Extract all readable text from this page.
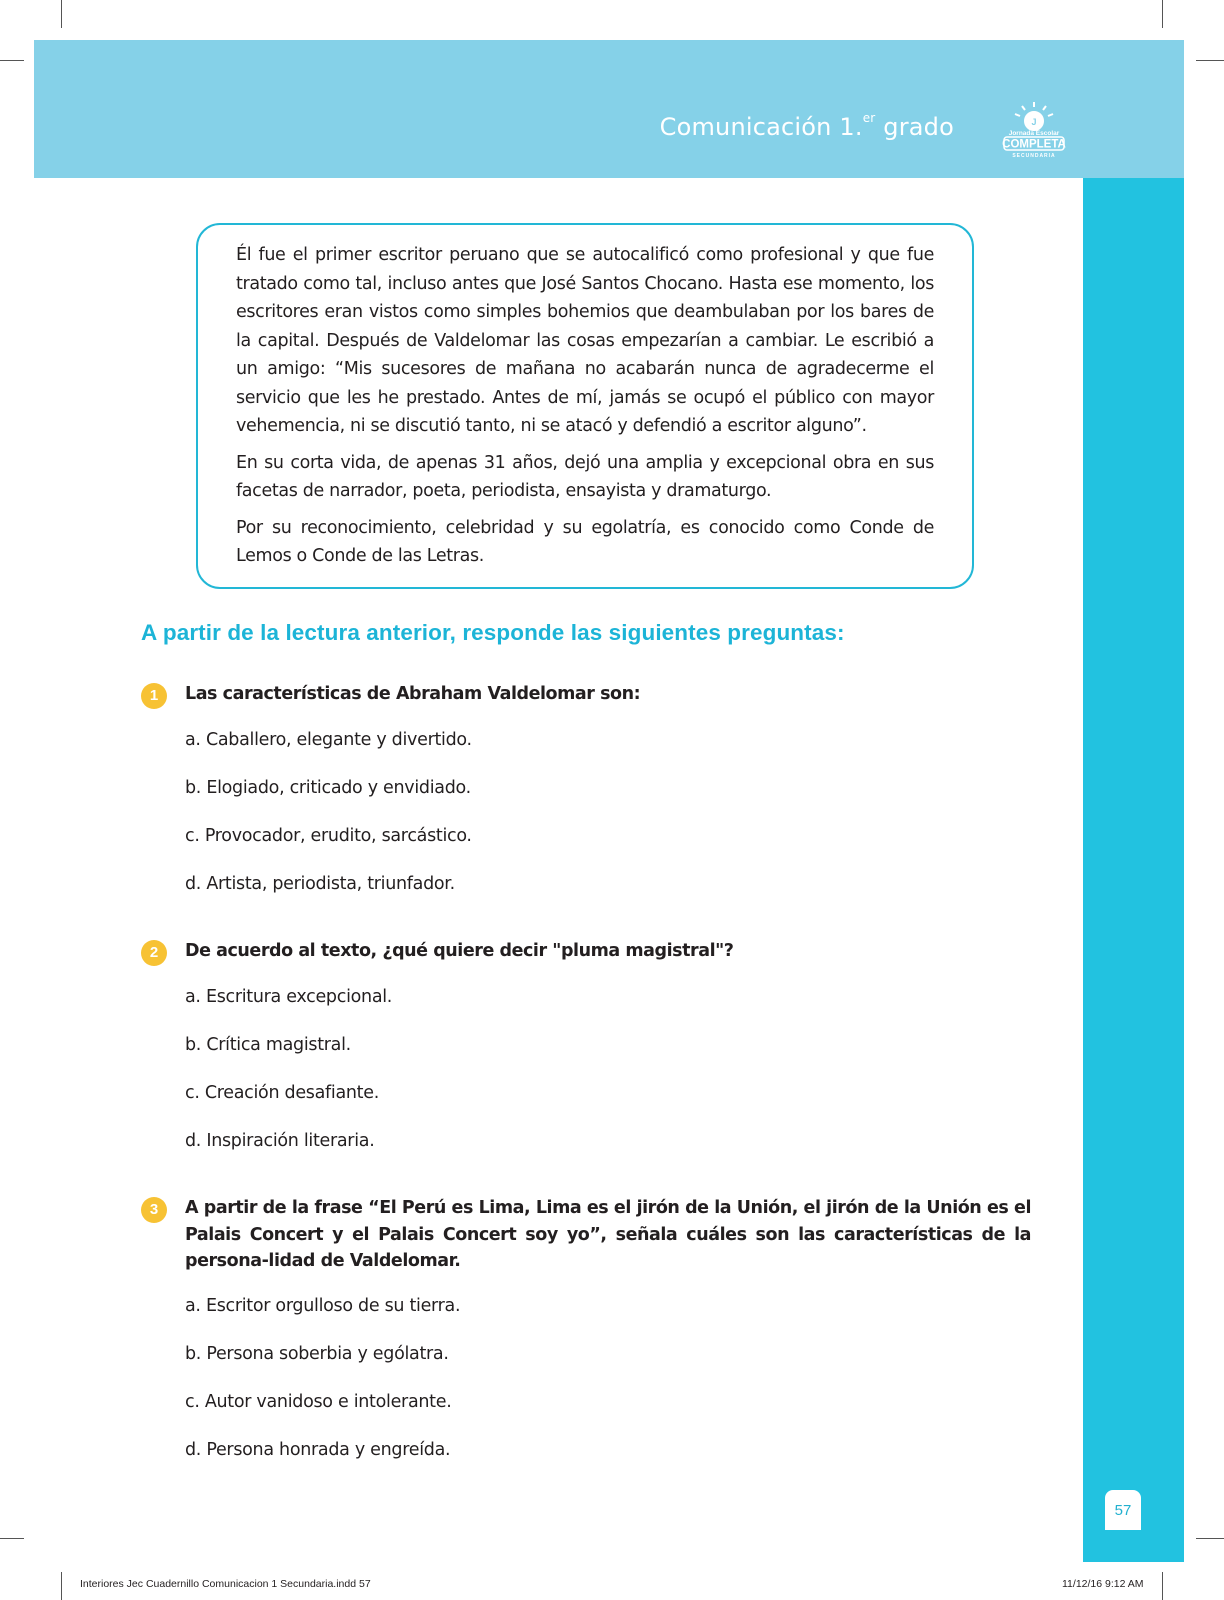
Comunicación 1.$^{er}$ grado	J
Jornada Escolar
COMPLETA
SECUNDARIA
57

Él fue el primer escritor peruano que se autocalificó como profesional y que fue tratado como tal, incluso antes que José Santos Chocano. Hasta ese momento, los escritores eran vistos como simples bohemios que deambulaban por los bares de la capital. Después de Valdelomar las cosas empezarían a cambiar. Le escribió a un amigo: “Mis sucesores de mañana no acabarán nunca de agradecerme el servicio que les he prestado. Antes de mí, jamás se ocupó el público con mayor vehemencia, ni se discutió tanto, ni se atacó y defendió a escritor alguno”.

En su corta vida, de apenas 31 años, dejó una amplia y excepcional obra en sus facetas de narrador, poeta, periodista, ensayista y dramaturgo.

Por su reconocimiento, celebridad y su egolatría, es conocido como Conde de Lemos o Conde de las Letras.

A partir de la lectura anterior, responde las siguientes preguntas:
1	Las características de Abraham Valdelomar son:
a. Caballero, elegante y divertido.
b. Elogiado, criticado y envidiado.
c. Provocador, erudito, sarcástico.
d. Artista, periodista, triunfador.
2	De acuerdo al texto, ¿qué quiere decir "pluma magistral"?
a. Escritura excepcional.
b. Crítica magistral.
c. Creación desafiante.
d. Inspiración literaria.
3	A partir de la frase “El Perú es Lima, Lima es el jirón de la Unión, el jirón de la Unión es el Palais Concert y el Palais Concert soy yo”, señala cuáles son las características de la persona-lidad de Valdelomar.
a. Escritor orgulloso de su tierra.
b. Persona soberbia y ególatra.
c. Autor vanidoso e intolerante.
d. Persona honrada y engreída.
Interiores Jec Cuadernillo Comunicacion 1 Secundaria.indd 57	11/12/16 9:12 AM
